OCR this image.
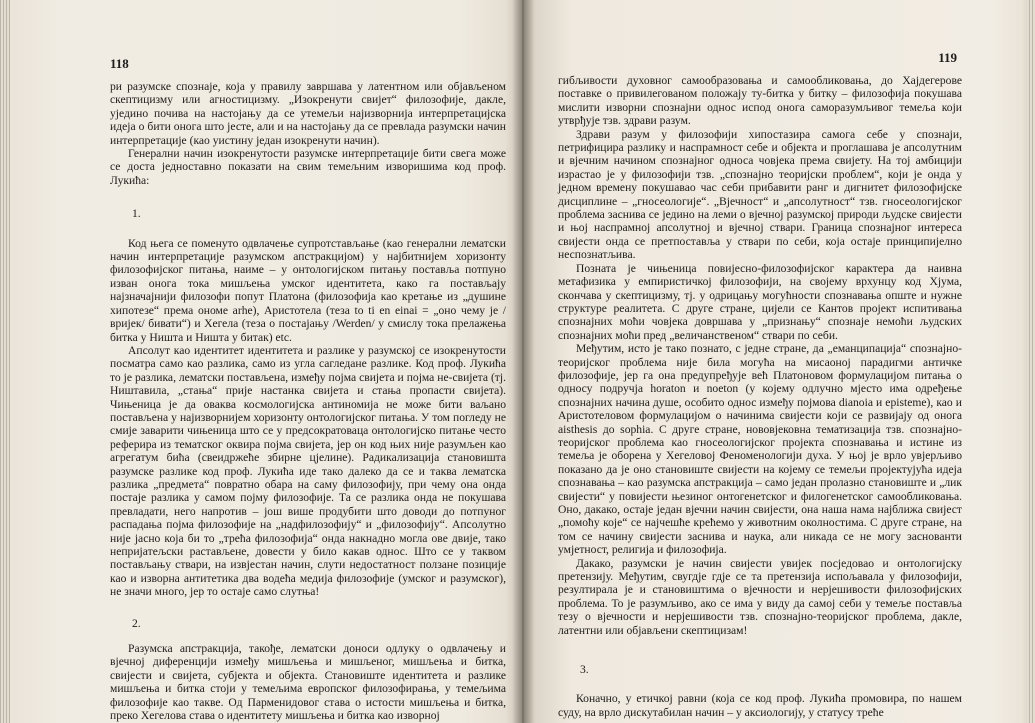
118

ри разумске спознаје, која у правилу завршава у латентном или објављеном скептицизму или агностицизму. „Изокренути свијет“ филозофије, дакле, ујединo почива на настојању да се утемељи најизворнија интерпретацијска идеја о бити онога што јесте, али и на настојању да се превлада разумски начин интерпретације (као уистину један изокренути начин).

Генерални начин изокренутости разумске интерпретације бити свега може се доста једноставно показати на свим темељним изворишима код проф. Лукића:

1.

Код њега се поменуто одвлачење супротстављање (као генерални лематски начин интерпретације разумском апстракцијом) у најбитнијем хоризонту филозофијског питања, наиме – у онтологијском питању поставља потпуно изван онога тока мишљења умског идентитета, како га постављају најзначајнији филозофи попут Платона (филозофија као кретање из „душине хипотезе“ према ономе arhe), Аристотела (теза to ti en einai = „оно чему је /вријек/ бивати“) и Хегела (теза о постајању /Werden/ у смислу тока прелажења битка у Ништа и Ништа у битак) etc.

Апсолут као идентитет идентитета и разлике у разумској се изокренутости посматра само као разлика, само из угла сагледане разлике. Код проф. Лукића то је разлика, лематски постављена, између појма свијета и појма не-свијета (тј. Ништавила, „стања“ прије настанка свијета и стања пропасти свијета). Чињеница је да оваква космологијска антиномија не може бити ваљано постављена у најизворнијем хоризонту онтологијског питања. У том погледу не смије заварити чињеница што се у предсократоваца онтологијско питање често реферира из тематског оквира појма свијета, јер он код њих није разумљен као агрегатум бића (свеидржеће збирне цјелине). Радикализација становишта разумске разлике код проф. Лукића иде тако далеко да се и таква лематска разлика „предмета“ повратно обара на саму филозофију, при чему она онда постаје разлика у самом појму филозофије. Та се разлика онда не покушава превладати, него напротив – још више продубити што доводи до потпуног распадања појма филозофије на „надфилозофију“ и „филозофију“. Апсолутно није јасно која би то „трећа филозофија“ онда накнадно могла ове двије, тако непријатељски растављене, довести у било какав однос. Што се у таквом постављању ствари, на извјестан начин, слути недостатност ползане позиције као и изворна антитетика два водећа медија филозофије (умског и разумског), не значи много, јер то остаје само слутња!

2.

Разумска апстракција, такође, лематски доноси одлуку о одвлачењу и вјечној диференцији између мишљења и мишљеног, мишљења и битка, свијести и свијета, субјекта и објекта. Становиште идентитета и разлике мишљења и битка стоји у темељима европског филозофирања, у темељима филозофије као такве. Од Парменидовог става о истости мишљења и битка, преко Хегелова става о идентитету мишљења и битка као изворној

119

гибљивости духовног самообразовања и самообликовања, до Хајдегерове поставке о привилегованом положају ту-битка у битку – филозофија покушава мислити изворни спознајни однос испод онога саморазумљивог темеља који утврђује тзв. здрави разум.

Здрави разум у филозофији хипостазира самога себе у спознаји, петрифицира разлику и наспрамност себе и објекта и проглашава је апсолутним и вјечним начином спознајног односа човјека према свијету. На тој амбицији израстао је у филозофији тзв. „спознајно теоријски проблем“, који је онда у једном времену покушавао час себи прибавити ранг и дигнитет филозофијске дисциплине – „гносеологије“. „Вјечност“ и „апсолутност“ тзв. гносеологијског проблема заснива се једино на леми о вјечној разумској природи људске свијести и њој наспрамној апсолутној и вјечној ствари. Граница спознајног интереса свијести онда се претпоставља у ствари по себи, која остаје принципијелно неспознатљива.

Позната је чињеница повијесно-филозофијског карактера да наивна метафизика у емпиристичкој филозофији, на својему врхунцу код Хјума, скончава у скептицизму, тј. у одрицању могућности спознавања опште и нужне структуре реалитета. С друге стране, цијели се Кантов пројект испитивања спознајних моћи човјека довршава у „признању“ спознаје немоћи људских спознајних моћи пред „величанственом“ ствари по себи.

Међутим, исто је тако познато, с једне стране, да „еманципација“ спознајно-теоријског проблема није била могућа на мисаоној парадигми античке филозофије, јер га она предупређује већ Платоновом формулацијом питања о односу подручја horaton и noeton (у којему одлучно мјесто има одређење спознајних начина душе, особито однос између појмова dianoia и episteme), као и Аристотеловом формулацијом о начинима свијести који се развијају од онога aisthesis до sophia. С друге стране, нововјековна тематизација тзв. спознајно-теоријског проблема као гносеологијског пројекта спознавања и истине из темеља је оборена у Хегеловој Феноменологији духа. У њој је врло увјерљиво показано да је оно становиште свијести на којему се темељи пројектујућа идеја спознавања – као разумска апстракција – само један пролазно становиште и „лик свијести“ у повијести њезиног онтогенетског и филогенетског самообликовања. Оно, дакако, остаје један вјечни начин свијести, она наша нама најближа свијест „помоћу које“ се најчешће крећемо у животним околностима. С друге стране, на том се начину свијести заснива и наука, али никада се не могу заснованти умјетност, религија и филозофија.

Дакако, разумски је начин свијести увијек посједовао и онтологијску претензију. Међутим, свугдје гдје се та претензија испољавала у филозофији, резултирала је и становиштима о вјечности и нерјешивости филозофијских проблема. То је разумљиво, ако се има у виду да самој себи у темеље поставља тезу о вјечности и нерјешивости тзв. спознајно-теоријског проблема, дакле, латентни или објављени скептицизам!

3.

Коначно, у етичкој равни (која се код проф. Лукића промовира, по нашем суду, на врло дискутабилан начин – у аксиологију, у статусу треће
